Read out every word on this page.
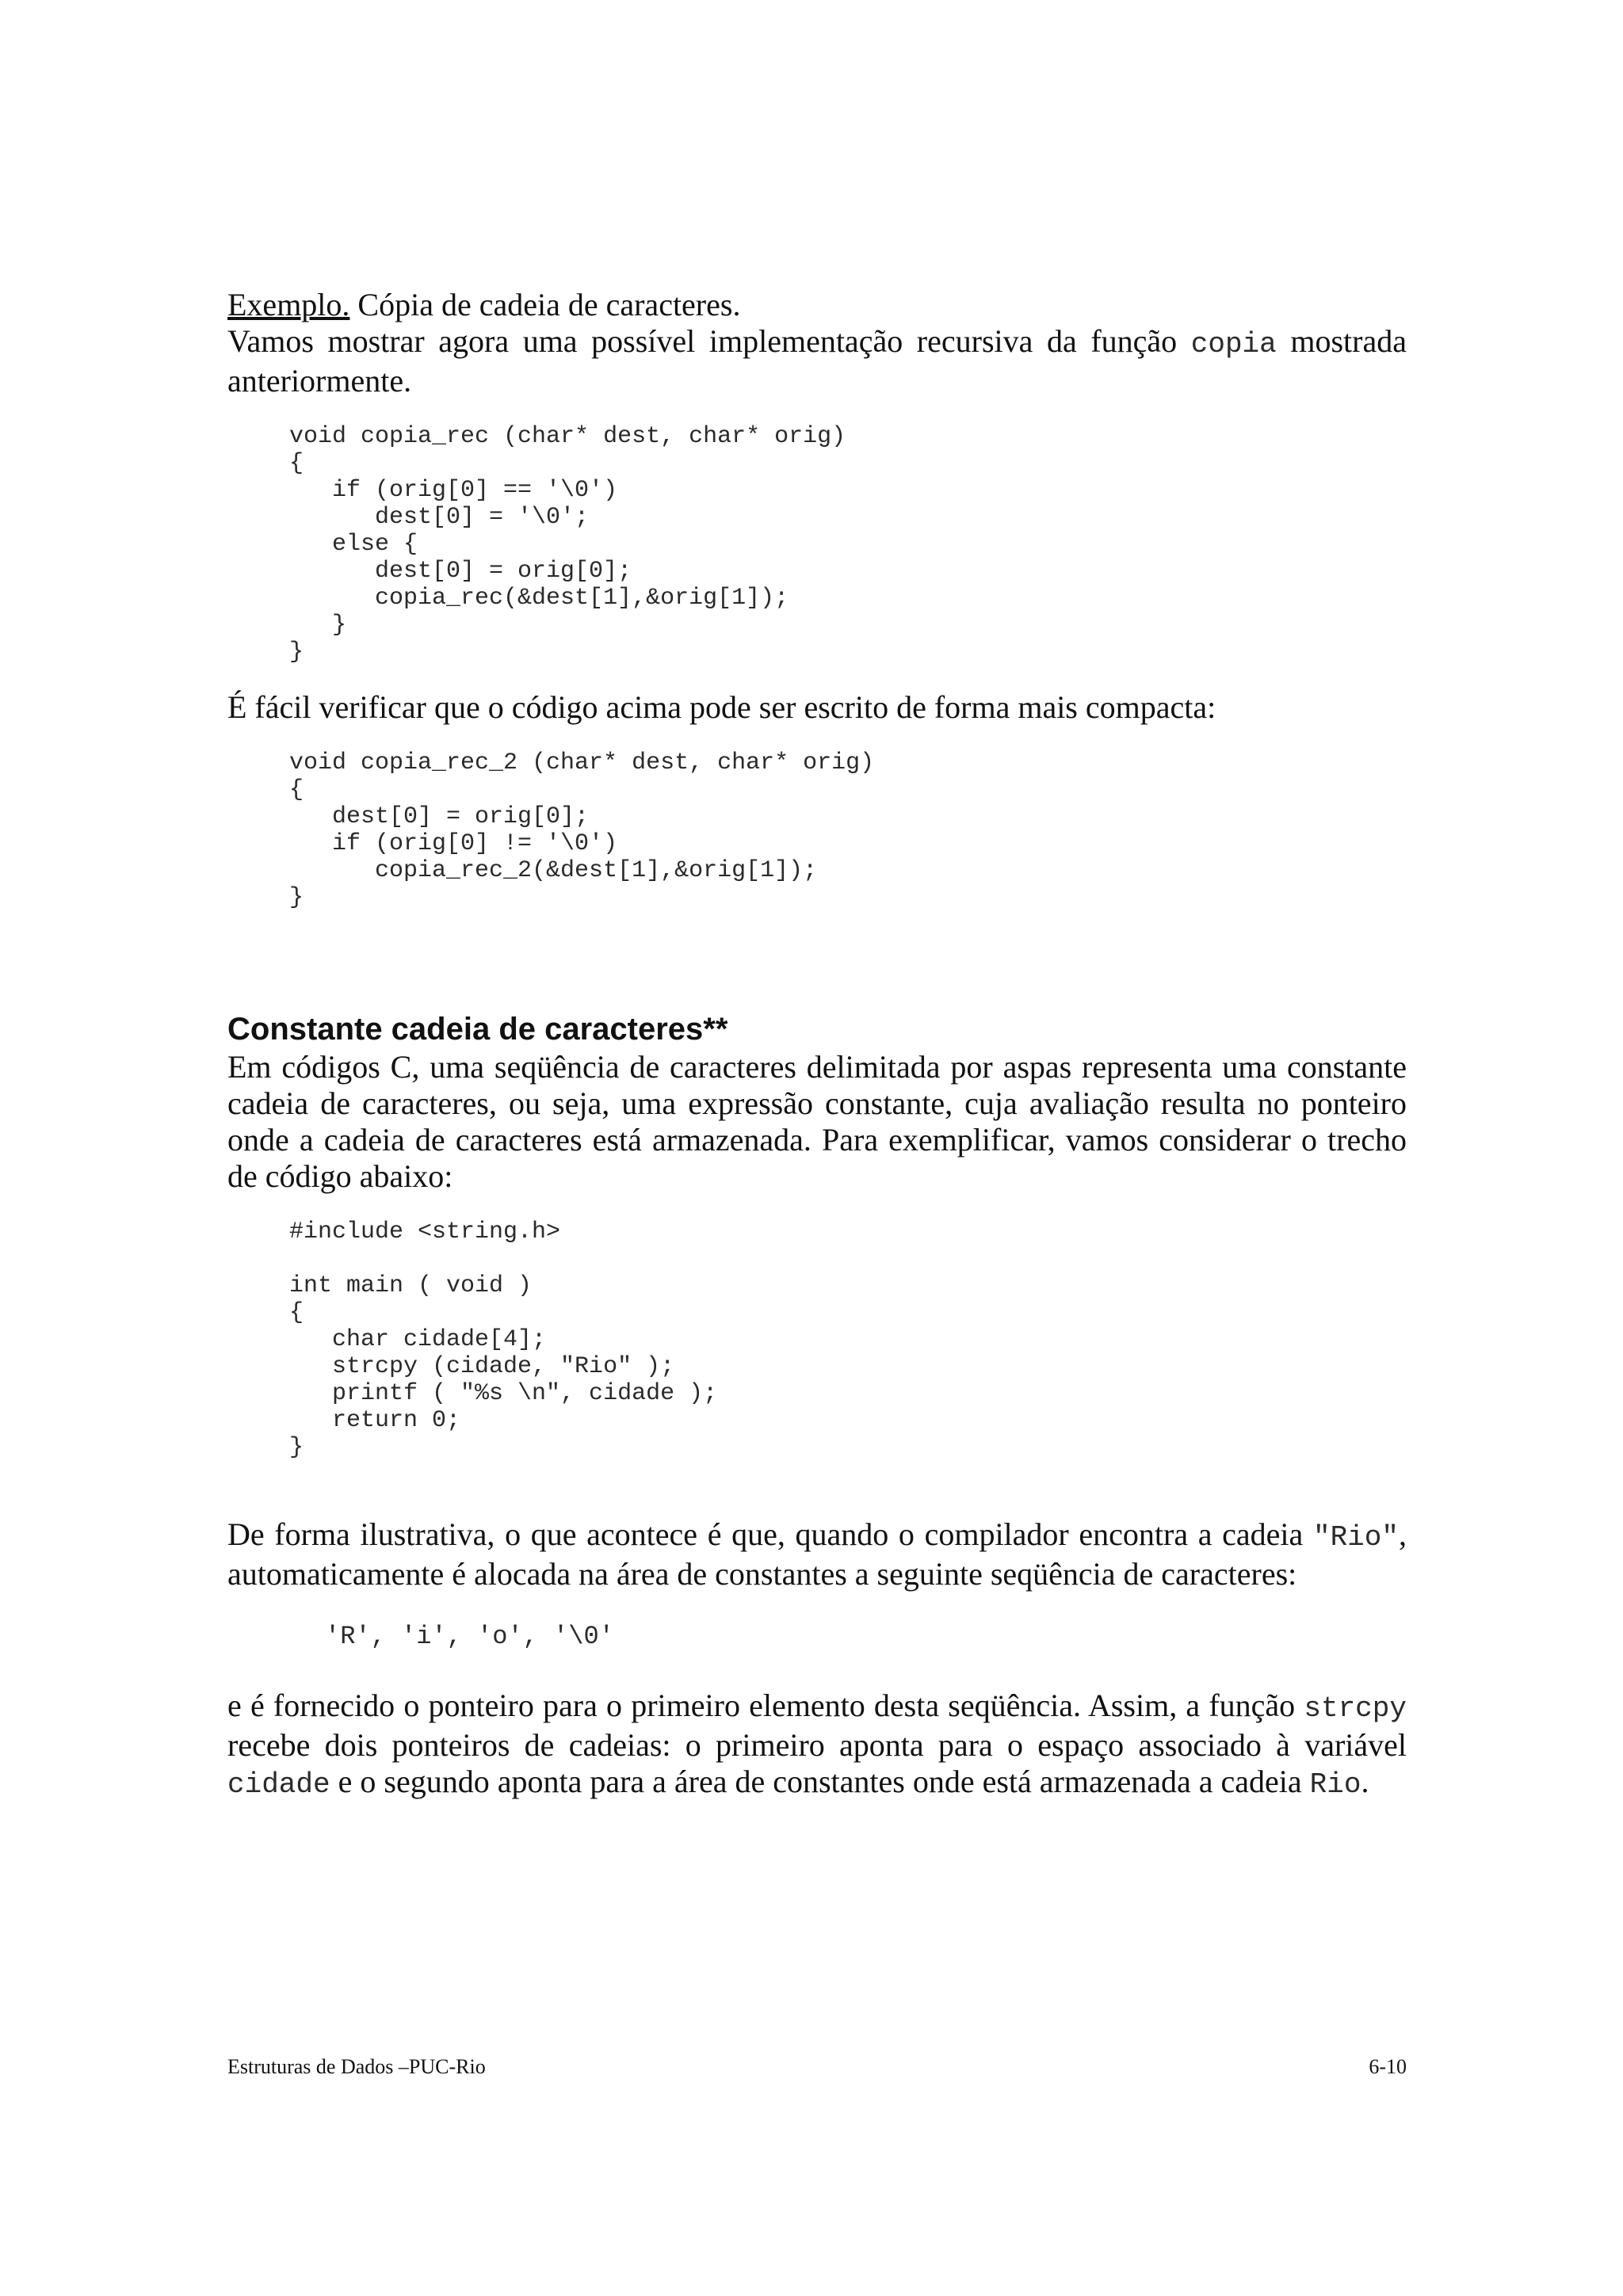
Exemplo. Cópia de cadeia de caracteres.
Vamos mostrar agora uma possível implementação recursiva da função copia mostrada anteriormente.
void copia_rec (char* dest, char* orig)
{
if (orig[0] == '\0')
dest[0] = '\0';
else {
dest[0] = orig[0];
copia_rec(&dest[1],&orig[1]);
}
}
É fácil verificar que o código acima pode ser escrito de forma mais compacta:
void copia_rec_2 (char* dest, char* orig)
{
dest[0] = orig[0];
if (orig[0] != '\0')
copia_rec_2(&dest[1],&orig[1]);
}
Constante cadeia de caracteres**
Em códigos C, uma seqüência de caracteres delimitada por aspas representa uma constante cadeia de caracteres, ou seja, uma expressão constante, cuja avaliação resulta no ponteiro onde a cadeia de caracteres está armazenada. Para exemplificar, vamos considerar o trecho de código abaixo:
#include <string.h>

int main ( void )
{
char cidade[4];
strcpy (cidade, "Rio" );
printf ( "%s \n", cidade );
return 0;
}
De forma ilustrativa, o que acontece é que, quando o compilador encontra a cadeia "Rio", automaticamente é alocada na área de constantes a seguinte seqüência de caracteres:
'R', 'i', 'o', '\0'
e é fornecido o ponteiro para o primeiro elemento desta seqüência. Assim, a função strcpy recebe dois ponteiros de cadeias: o primeiro aponta para o espaço associado à variável cidade e o segundo aponta para a área de constantes onde está armazenada a cadeia Rio.
Estruturas de Dados –PUC-Rio	6-10
